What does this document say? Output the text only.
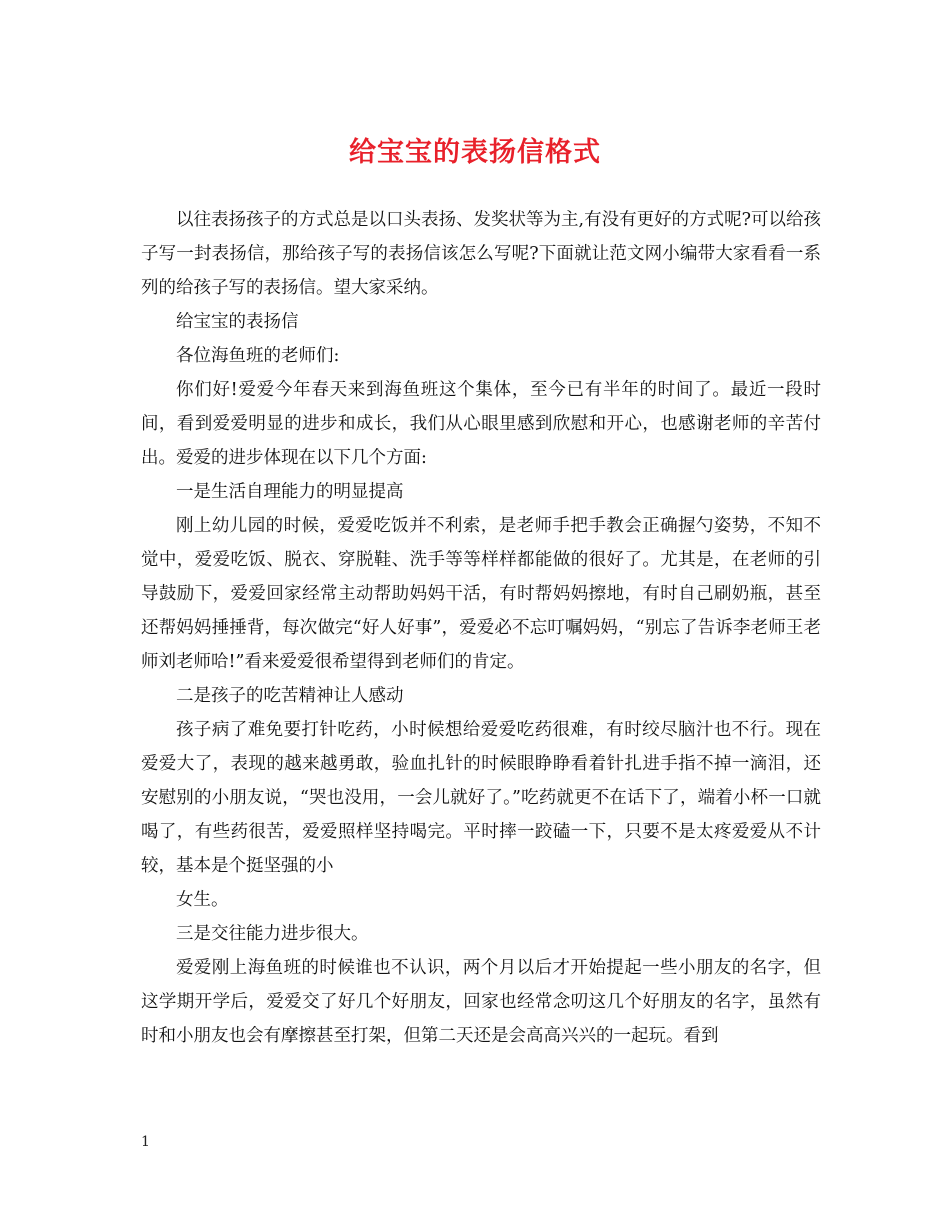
给宝宝的表扬信格式

以往表扬孩子的方式总是以口头表扬、发奖状等为主,有没有更好的方式呢?可以给孩子写一封表扬信，那给孩子写的表扬信该怎么写呢?下面就让范文网小编带大家看看一系列的给孩子写的表扬信。望大家采纳。

给宝宝的表扬信

各位海鱼班的老师们:

你们好!爱爱今年春天来到海鱼班这个集体，至今已有半年的时间了。最近一段时间，看到爱爱明显的进步和成长，我们从心眼里感到欣慰和开心，也感谢老师的辛苦付出。爱爱的进步体现在以下几个方面:

一是生活自理能力的明显提高

刚上幼儿园的时候，爱爱吃饭并不利索，是老师手把手教会正确握勺姿势，不知不觉中，爱爱吃饭、脱衣、穿脱鞋、洗手等等样样都能做的很好了。尤其是，在老师的引导鼓励下，爱爱回家经常主动帮助妈妈干活，有时帮妈妈擦地，有时自己刷奶瓶，甚至还帮妈妈捶捶背，每次做完“好人好事”，爱爱必不忘叮嘱妈妈，“别忘了告诉李老师王老师刘老师哈!”看来爱爱很希望得到老师们的肯定。

二是孩子的吃苦精神让人感动

孩子病了难免要打针吃药，小时候想给爱爱吃药很难，有时绞尽脑汁也不行。现在爱爱大了，表现的越来越勇敢，验血扎针的时候眼睁睁看着针扎进手指不掉一滴泪，还安慰别的小朋友说，“哭也没用，一会儿就好了。”吃药就更不在话下了，端着小杯一口就喝了，有些药很苦，爱爱照样坚持喝完。平时摔一跤磕一下，只要不是太疼爱爱从不计较，基本是个挺坚强的小

女生。

三是交往能力进步很大。

爱爱刚上海鱼班的时候谁也不认识，两个月以后才开始提起一些小朋友的名字，但这学期开学后，爱爱交了好几个好朋友，回家也经常念叨这几个好朋友的名字，虽然有时和小朋友也会有摩擦甚至打架，但第二天还是会高高兴兴的一起玩。看到

1
